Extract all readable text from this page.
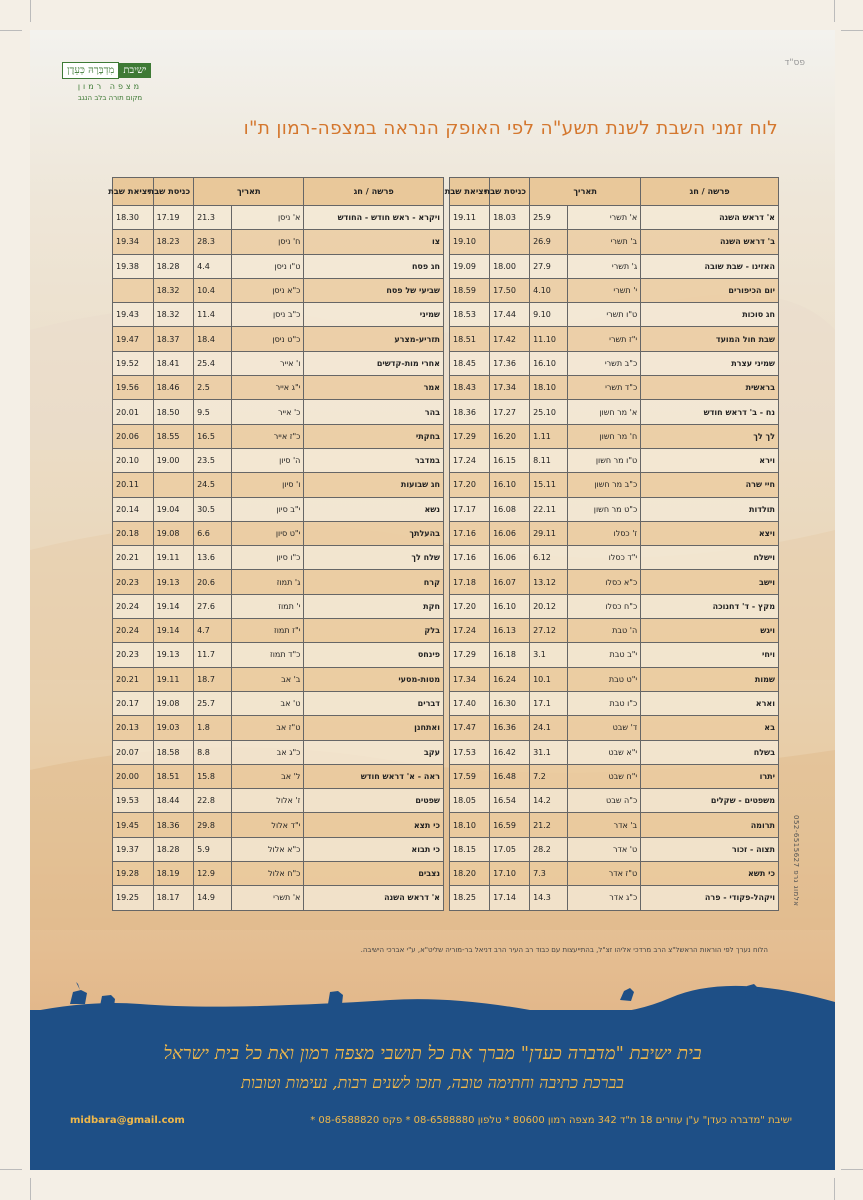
פס"ד
מִדְבָּרָהּ כְּעֵדֶן ישיבת
מצפה רמון
מקום תורה בלב הנגב
לוח זמני השבת לשנת תשע"ה לפי האופק הנראה במצפה-רמון ת"ו
פרשה / חג	תאריך		כניסת שבת	יציאת שבת
א' דראש השנה	א' תשרי	25.9	18.03	19.11
ב' דראש השנה	ב' תשרי	26.9		19.10
האזינו - שבת שובה	ג' תשרי	27.9	18.00	19.09
יום הכיפורים	י' תשרי	4.10	17.50	18.59
חג סוכות	ט"ו תשרי	9.10	17.44	18.53
שבת חול המועד	י"ז תשרי	11.10	17.42	18.51
שמיני עצרת	כ"ב תשרי	16.10	17.36	18.45
בראשית	כ"ד תשרי	18.10	17.34	18.43
נח - ב' דראש חודש	א' מר חשון	25.10	17.27	18.36
לך לך	ח' מר חשון	1.11	16.20	17.29
וירא	ט"ו מר חשון	8.11	16.15	17.24
חיי שרה	כ"ב מר חשון	15.11	16.10	17.20
תולדות	כ"ט מר חשון	22.11	16.08	17.17
ויצא	ז' כסלו	29.11	16.06	17.16
וישלח	י"ד כסלו	6.12	16.06	17.16
וישב	כ"א כסלו	13.12	16.07	17.18
מקץ - ד' דחנוכה	כ"ח כסלו	20.12	16.10	17.20
ויגש	ה' טבת	27.12	16.13	17.24
ויחי	י"ב טבת	3.1	16.18	17.29
שמות	י"ט טבת	10.1	16.24	17.34
וארא	כ"ו טבת	17.1	16.30	17.40
בא	ד' שבט	24.1	16.36	17.47
בשלח	י"א שבט	31.1	16.42	17.53
יתרו	י"ח שבט	7.2	16.48	17.59
משפטים - שקלים	כ"ה שבט	14.2	16.54	18.05
תרומה	ב' אדר	21.2	16.59	18.10
תצוה - זכור	ט' אדר	28.2	17.05	18.15
כי תשא	ט"ז אדר	7.3	17.10	18.20
ויקהל-פקודי - פרה	כ"ג אדר	14.3	17.14	18.25
פרשה / חג	תאריך		כניסת שבת	יציאת שבת
ויקרא - ראש חודש - החודש	א' ניסן	21.3	17.19	18.30
צו	ח' ניסן	28.3	18.23	19.34
חג פסח	ט"ו ניסן	4.4	18.28	19.38
שביעי של פסח	כ"א ניסן	10.4	18.32	
שמיני	כ"ב ניסן	11.4	18.32	19.43
תזריע-מצרע	כ"ט ניסן	18.4	18.37	19.47
אחרי מות-קדשים	ו' אייר	25.4	18.41	19.52
אמר	י"ג אייר	2.5	18.46	19.56
בהר	כ' אייר	9.5	18.50	20.01
בחקתי	כ"ז אייר	16.5	18.55	20.06
במדבר	ה' סיון	23.5	19.00	20.10
חג שבועות	ו' סיון	24.5		20.11
נשא	י"ב סיון	30.5	19.04	20.14
בהעלתך	י"ט סיון	6.6	19.08	20.18
שלח לך	כ"ו סיון	13.6	19.11	20.21
קרח	ג' תמוז	20.6	19.13	20.23
חקת	י' תמוז	27.6	19.14	20.24
בלק	י"ז תמוז	4.7	19.14	20.24
פינחס	כ"ד תמוז	11.7	19.13	20.23
מטות-מסעי	ב' אב	18.7	19.11	20.21
דברים	ט' אב	25.7	19.08	20.17
ואתחנן	ט"ז אב	1.8	19.03	20.13
עקב	כ"ג אב	8.8	18.58	20.07
ראה - א' דראש חודש	ל' אב	15.8	18.51	20.00
שפטים	ז' אלול	22.8	18.44	19.53
כי תצא	י"ד אלול	29.8	18.36	19.45
כי תבוא	כ"א אלול	5.9	18.28	19.37
נצבים	כ"ח אלול	12.9	18.19	19.28
א' דראש השנה	א' תשרי	14.9	18.17	19.25
הלוח נערך לפי הוראות הראשל"צ הרב מרדכי אליהו זצ"ל, בהתייעצות עם כבוד רב העיר הרב דניאל בר-מוריה שליט"א, ע"י אברכי הישיבה.
אלמוג גרפ 052-6515627
בית ישיבת "מדברה כעדן" מברך את כל תושבי מצפה רמון ואת כל בית ישראל
בברכת כתיבה וחתימה טובה, תזכו לשנים רבות, נעימות וטובות
ישיבת "מדברה כעדן" ע"ן עוזרים 18 ת"ד 342 מצפה רמון 80600 * טלפון 08-6588880 * פקס 08-6588820 *
midbara@gmail.com
